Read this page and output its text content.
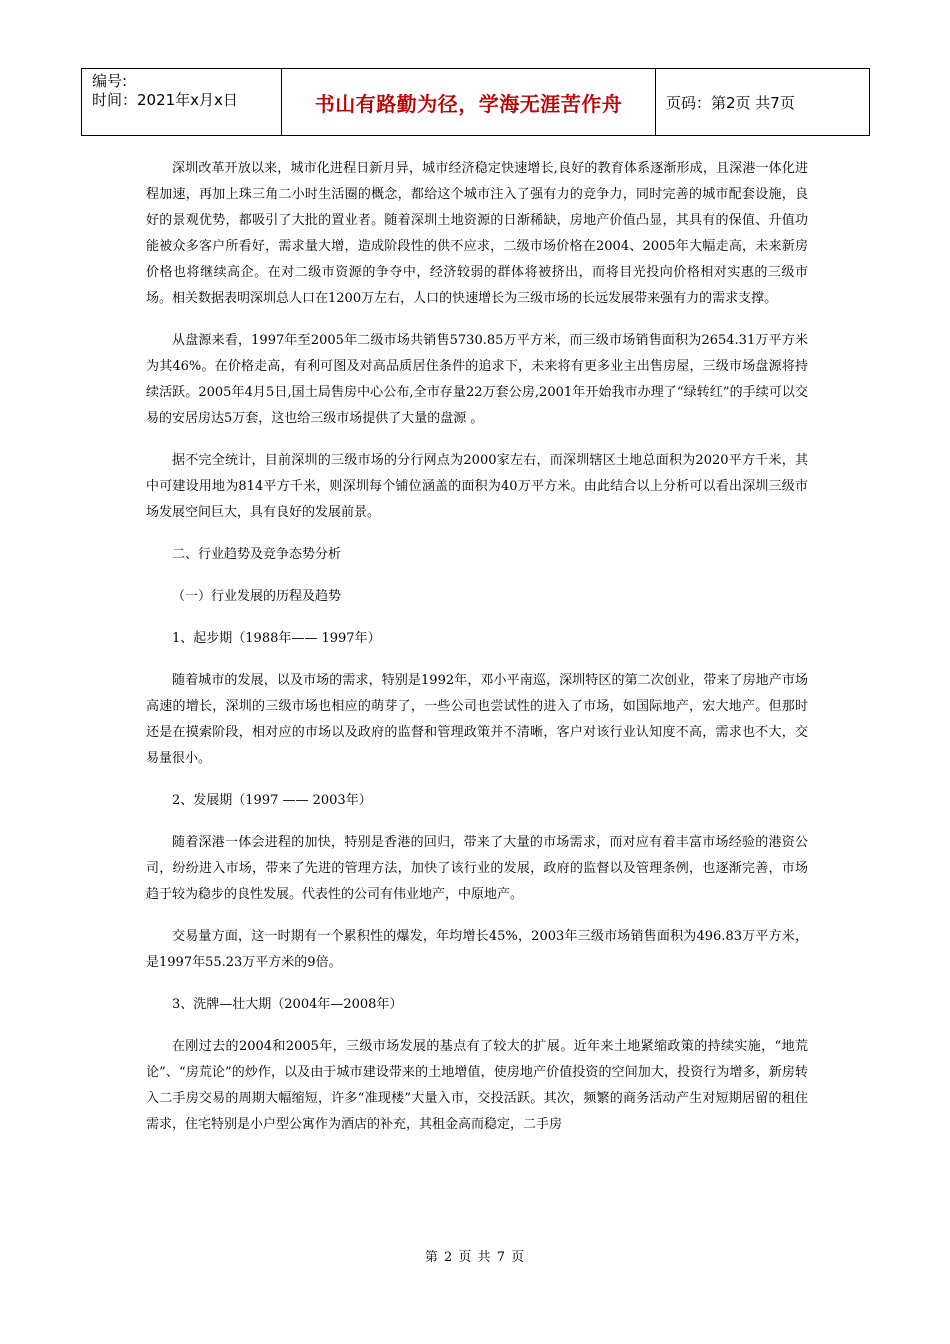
编号:
时间：2021年x月x日	书山有路勤为径，学海无涯苦作舟	页码：第2页 共7页

深圳改革开放以来，城市化进程日新月异，城市经济稳定快速增长,良好的教育体系逐渐形成，且深港一体化进程加速，再加上珠三角二小时生活圈的概念，都给这个城市注入了强有力的竞争力，同时完善的城市配套设施，良好的景观优势，都吸引了大批的置业者。随着深圳土地资源的日渐稀缺，房地产价值凸显，其具有的保值、升值功能被众多客户所看好，需求量大增，造成阶段性的供不应求，二级市场价格在2004、2005年大幅走高，未来新房价格也将继续高企。在对二级市资源的争夺中，经济较弱的群体将被挤出，而将目光投向价格相对实惠的三级市场。相关数据表明深圳总人口在1200万左右，人口的快速增长为三级市场的长远发展带来强有力的需求支撑。

从盘源来看，1997年至2005年二级市场共销售5730.85万平方米，而三级市场销售面积为2654.31万平方米为其46%。在价格走高，有利可图及对高品质居住条件的追求下，未来将有更多业主出售房屋，三级市场盘源将持续活跃。2005年4月5日,国土局售房中心公布,全市存量22万套公房,2001年开始我市办理了“绿转红”的手续可以交易的安居房达5万套，这也给三级市场提供了大量的盘源 。

据不完全统计，目前深圳的三级市场的分行网点为2000家左右，而深圳辖区土地总面积为2020平方千米，其中可建设用地为814平方千米，则深圳每个铺位涵盖的面积为40万平方米。由此结合以上分析可以看出深圳三级市场发展空间巨大，具有良好的发展前景。

二、行业趋势及竞争态势分析

（一）行业发展的历程及趋势

1、起步期（1988年—— 1997年）

随着城市的发展，以及市场的需求，特别是1992年，邓小平南巡，深圳特区的第二次创业，带来了房地产市场高速的增长，深圳的三级市场也相应的萌芽了，一些公司也尝试性的进入了市场，如国际地产，宏大地产。但那时还是在摸索阶段，相对应的市场以及政府的监督和管理政策并不清晰，客户对该行业认知度不高，需求也不大，交易量很小。

2、发展期（1997 —— 2003年）

随着深港一体会进程的加快，特别是香港的回归，带来了大量的市场需求，而对应有着丰富市场经验的港资公司，纷纷进入市场，带来了先进的管理方法，加快了该行业的发展，政府的监督以及管理条例，也逐渐完善，市场趋于较为稳步的良性发展。代表性的公司有伟业地产，中原地产。

交易量方面，这一时期有一个累积性的爆发，年均增长45%，2003年三级市场销售面积为496.83万平方米，是1997年55.23万平方米的9倍。

3、洗牌—壮大期（2004年—2008年）

在刚过去的2004和2005年，三级市场发展的基点有了较大的扩展。近年来土地紧缩政策的持续实施，“地荒论”、“房荒论”的炒作，以及由于城市建设带来的土地增值，使房地产价值投资的空间加大，投资行为增多，新房转入二手房交易的周期大幅缩短，许多“准现楼”大量入市，交投活跃。其次，频繁的商务活动产生对短期居留的租住需求，住宅特别是小户型公寓作为酒店的补充，其租金高而稳定，二手房

第 2 页 共 7 页
